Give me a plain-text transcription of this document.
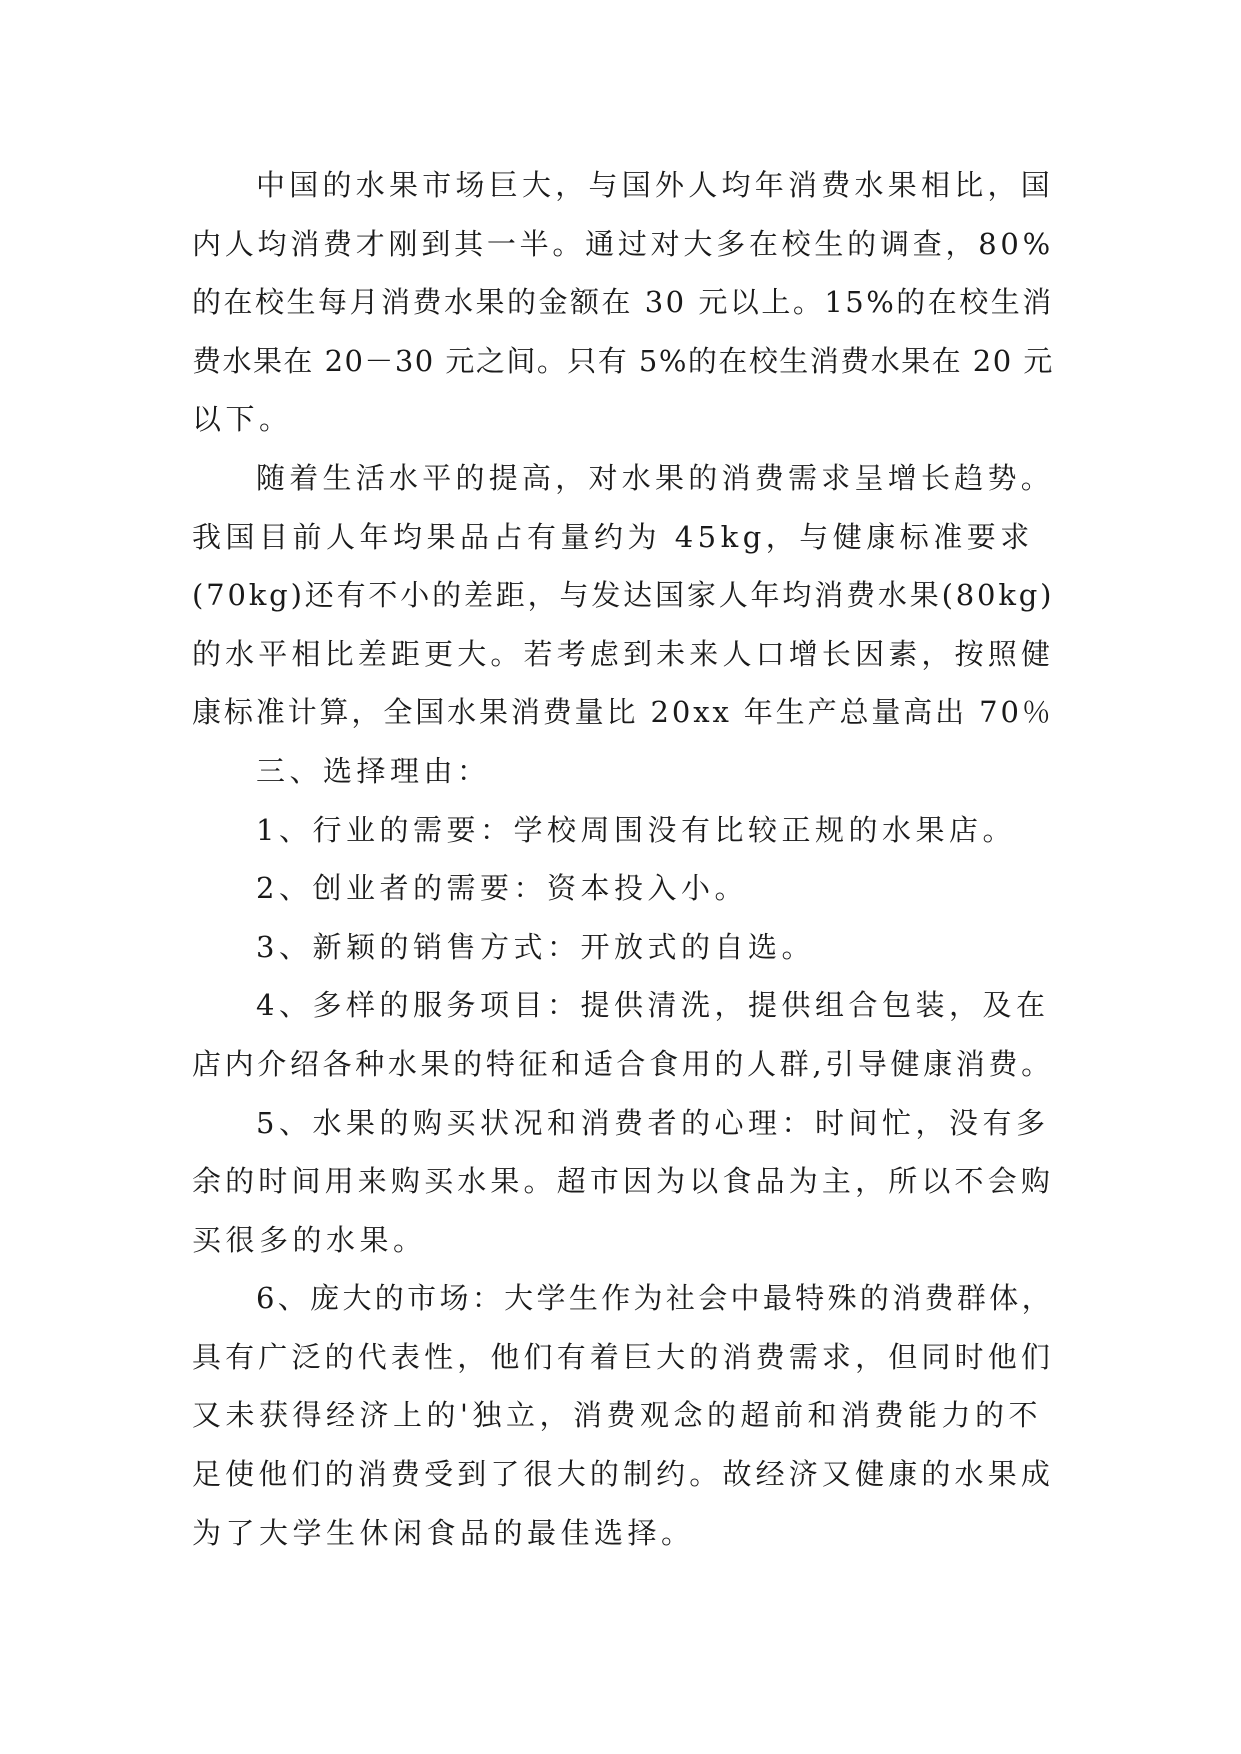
中国的水果市场巨大，与国外人均年消费水果相比，国
内人均消费才刚到其一半。通过对大多在校生的调查，80%
的在校生每月消费水果的金额在 30 元以上。15%的在校生消
费水果在 20－30 元之间。只有 5%的在校生消费水果在 20 元
以下。

随着生活水平的提高，对水果的消费需求呈增长趋势。
我国目前人年均果品占有量约为 45kg，与健康标准要求
(70kg)还有不小的差距，与发达国家人年均消费水果(80kg)
的水平相比差距更大。若考虑到未来人口增长因素，按照健
康标准计算，全国水果消费量比 20xx 年生产总量高出 70％

三、选择理由：

1、行业的需要：学校周围没有比较正规的水果店。

2、创业者的需要：资本投入小。

3、新颖的销售方式：开放式的自选。

4、多样的服务项目：提供清洗，提供组合包装，及在
店内介绍各种水果的特征和适合食用的人群,引导健康消费。

5、水果的购买状况和消费者的心理：时间忙，没有多
余的时间用来购买水果。超市因为以食品为主，所以不会购
买很多的水果。

6、庞大的市场：大学生作为社会中最特殊的消费群体，
具有广泛的代表性，他们有着巨大的消费需求，但同时他们
又未获得经济上的'独立，消费观念的超前和消费能力的不
足使他们的消费受到了很大的制约。故经济又健康的水果成
为了大学生休闲食品的最佳选择。
